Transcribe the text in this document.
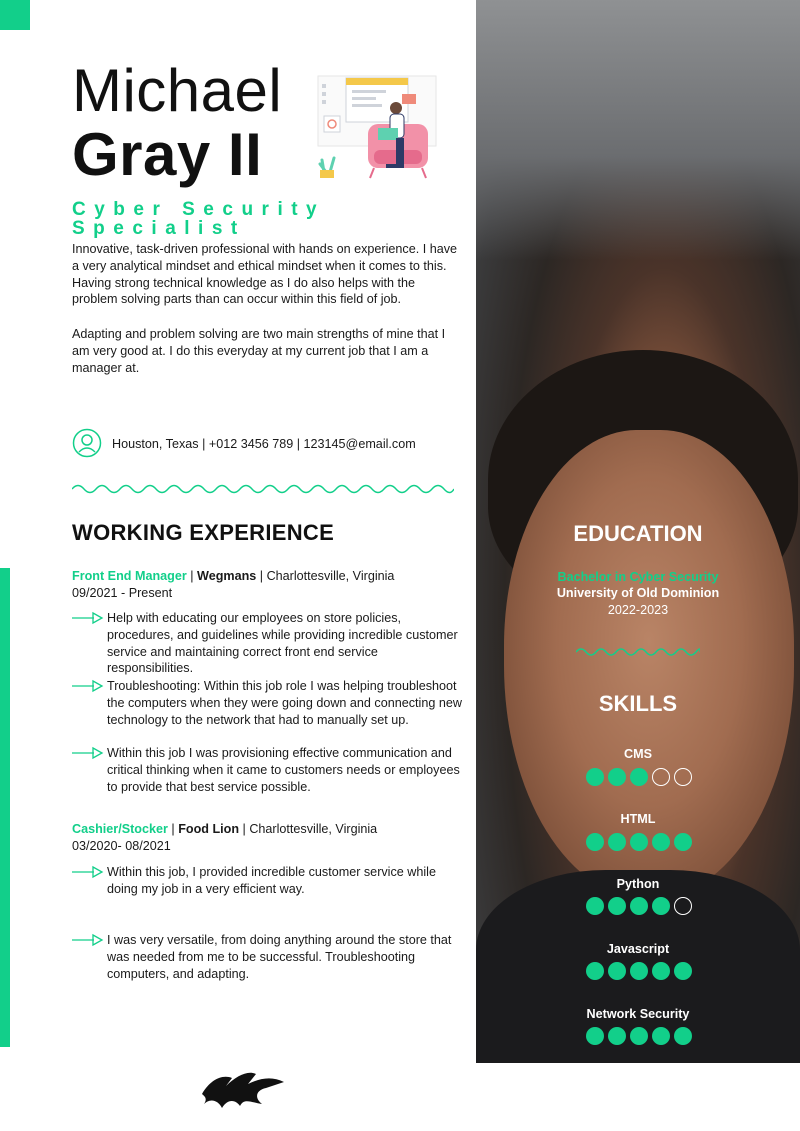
Michael
Gray II
Cyber Security
Specialist
Innovative, task-driven professional with hands on experience. I have a very analytical mindset and ethical mindset when it comes to this. Having strong technical knowledge as I do also helps with the problem solving parts than can occur within this field of job.
Adapting and problem solving are two main strengths of mine that I am very good at. I do this everyday at my current job that I am a manager at.
Houston, Texas | +012 3456 789 | 123145@email.com
WORKING EXPERIENCE
Front End Manager | Wegmans | Charlottesville, Virginia
09/2021 - Present
Help with educating our employees on store policies, procedures, and guidelines while providing incredible customer service and maintaining correct front end service responsibilities.
Troubleshooting: Within this job role I was helping troubleshoot the computers when they were going down and connecting new technology to the network that had to manually set up.
Within this job I was provisioning effective communication and critical thinking when it came to customers needs or employees to provide that best service possible.
Cashier/Stocker | Food Lion | Charlottesville, Virginia
03/2020- 08/2021
Within this job, I provided incredible customer service while doing my job in a very efficient way.
I was very versatile, from doing anything around the store that was needed from me to be successful. Troubleshooting computers, and adapting.
EDUCATION
Bachelor in Cyber Security
University of Old Dominion
2022-2023
SKILLS
CMS
HTML
Python
Javascript
Network Security
